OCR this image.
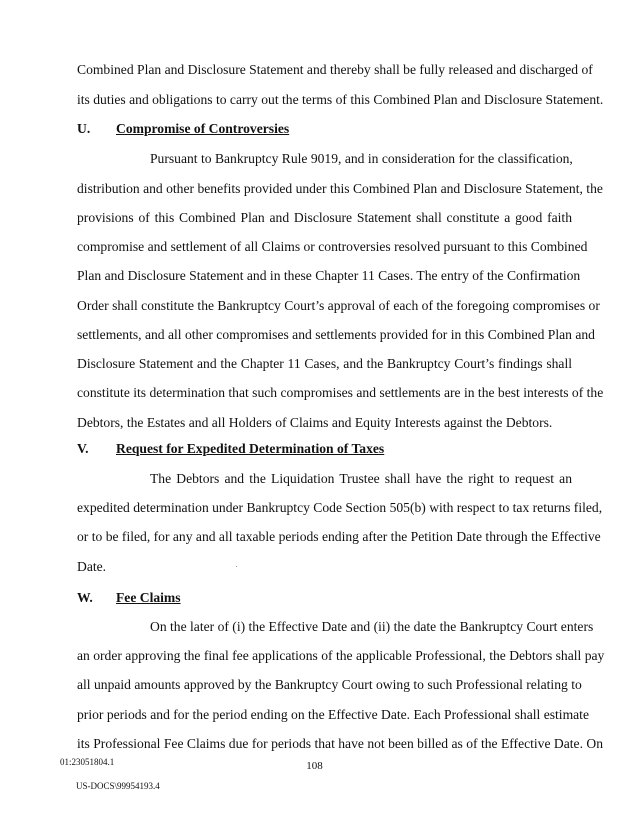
Combined Plan and Disclosure Statement and thereby shall be fully released and discharged of
its duties and obligations to carry out the terms of this Combined Plan and Disclosure Statement.
U. Compromise of Controversies
Pursuant to Bankruptcy Rule 9019, and in consideration for the classification,
distribution and other benefits provided under this Combined Plan and Disclosure Statement, the
provisions of this Combined Plan and Disclosure Statement shall constitute a good faith
compromise and settlement of all Claims or controversies resolved pursuant to this Combined
Plan and Disclosure Statement and in these Chapter 11 Cases. The entry of the Confirmation
Order shall constitute the Bankruptcy Court’s approval of each of the foregoing compromises or
settlements, and all other compromises and settlements provided for in this Combined Plan and
Disclosure Statement and the Chapter 11 Cases, and the Bankruptcy Court’s findings shall
constitute its determination that such compromises and settlements are in the best interests of the
Debtors, the Estates and all Holders of Claims and Equity Interests against the Debtors.
V. Request for Expedited Determination of Taxes
The Debtors and the Liquidation Trustee shall have the right to request an
expedited determination under Bankruptcy Code Section 505(b) with respect to tax returns filed,
or to be filed, for any and all taxable periods ending after the Petition Date through the Effective
Date.
W. Fee Claims
On the later of (i) the Effective Date and (ii) the date the Bankruptcy Court enters
an order approving the final fee applications of the applicable Professional, the Debtors shall pay
all unpaid amounts approved by the Bankruptcy Court owing to such Professional relating to
prior periods and for the period ending on the Effective Date. Each Professional shall estimate
its Professional Fee Claims due for periods that have not been billed as of the Effective Date. On
01:23051804.1	108
US-DOCS\99954193.4
